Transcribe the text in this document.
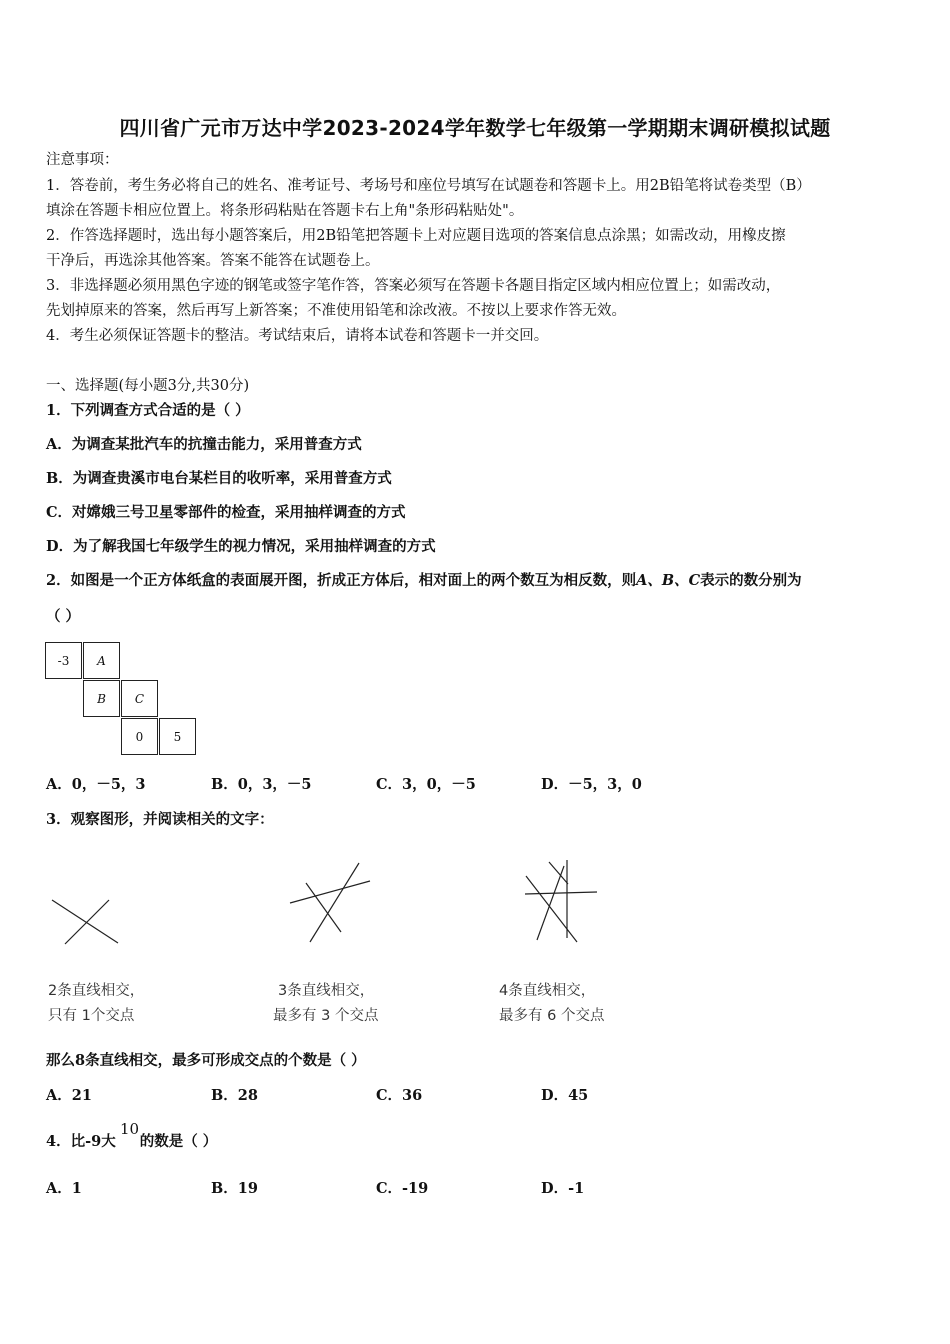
四川省广元市万达中学2023-2024学年数学七年级第一学期期末调研模拟试题
注意事项：
1．答卷前，考生务必将自己的姓名、准考证号、考场号和座位号填写在试题卷和答题卡上。用2B铅笔将试卷类型（B）
填涂在答题卡相应位置上。将条形码粘贴在答题卡右上角"条形码粘贴处"。
2．作答选择题时，选出每小题答案后，用2B铅笔把答题卡上对应题目选项的答案信息点涂黑；如需改动，用橡皮擦
干净后，再选涂其他答案。答案不能答在试题卷上。
3．非选择题必须用黑色字迹的钢笔或签字笔作答，答案必须写在答题卡各题目指定区域内相应位置上；如需改动，
先划掉原来的答案，然后再写上新答案；不准使用铅笔和涂改液。不按以上要求作答无效。
4．考生必须保证答题卡的整洁。考试结束后，请将本试卷和答题卡一并交回。
一、选择题(每小题3分,共30分)
1．下列调查方式合适的是（ ）
A．为调查某批汽车的抗撞击能力，采用普查方式
B．为调查贵溪市电台某栏目的收听率，采用普查方式
C．对嫦娥三号卫星零部件的检查，采用抽样调查的方式
D．为了解我国七年级学生的视力情况，采用抽样调查的方式
2．如图是一个正方体纸盒的表面展开图，折成正方体后，相对面上的两个数互为相反数，则A、B、C表示的数分别为
（ ）
-3	A
B	C
0	5
A．0，－5，3	B．0，3，－5	C．3，0，－5	D．－5，3，0
3．观察图形，并阅读相关的文字：
2条直线相交，
只有 1个交点
3条直线相交，
最多有 3 个交点
4条直线相交，
最多有 6 个交点
那么8条直线相交，最多可形成交点的个数是（ ）
A．21	B．28	C．36	D．45
4．比-9大 的数是（ ）
10
A．1	B．19	C．-19	D．-1
